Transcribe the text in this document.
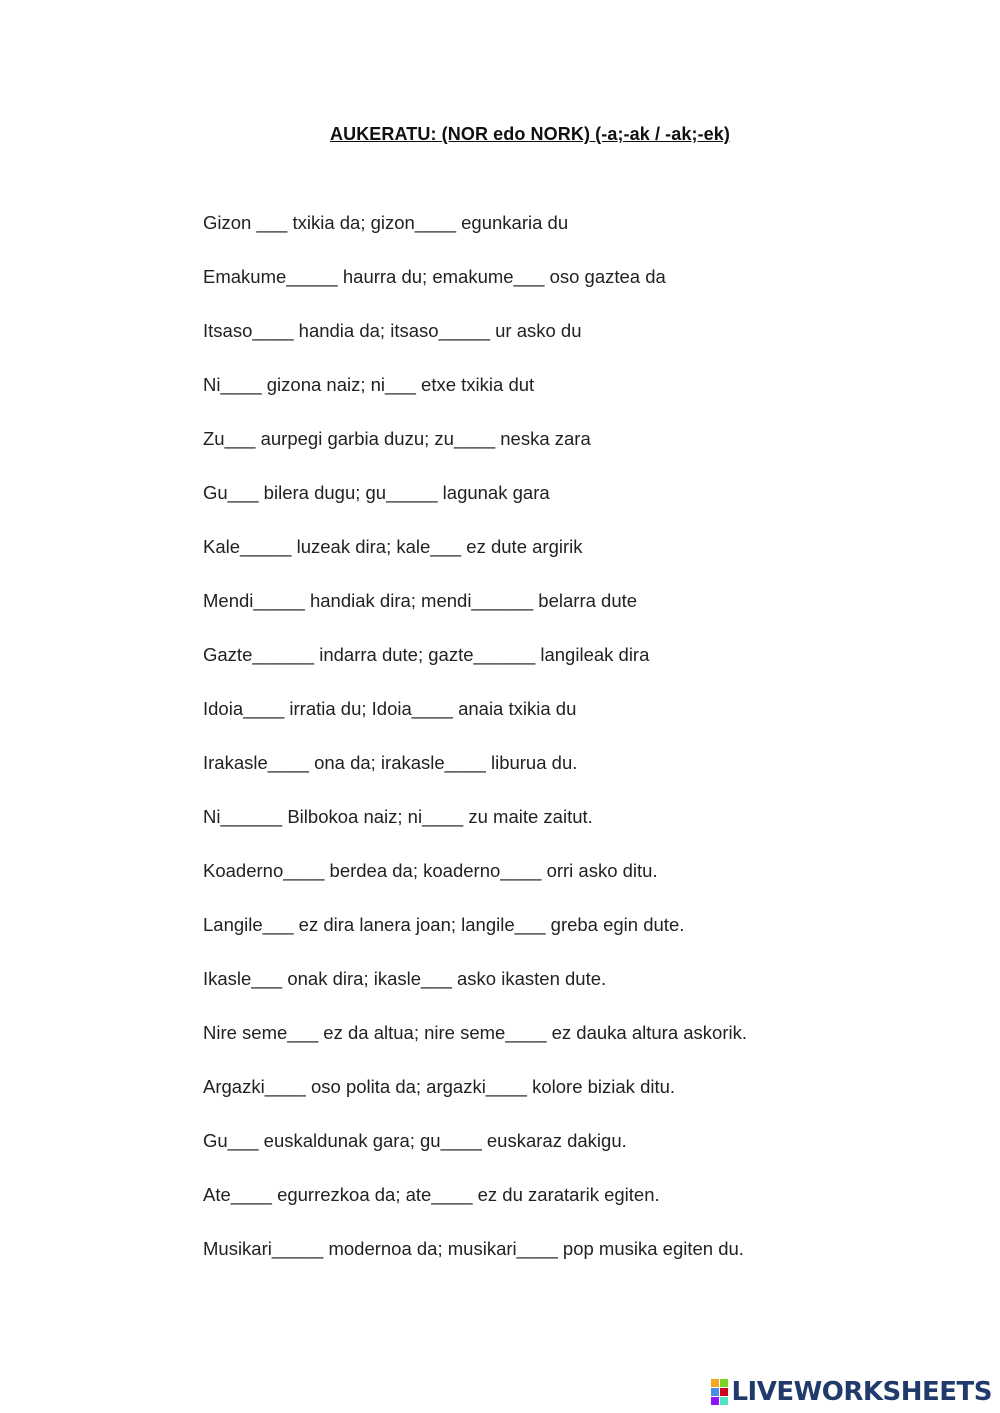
AUKERATU: (NOR edo NORK) (-a;-ak / -ak;-ek)
Gizon ___ txikia da; gizon____ egunkaria du
Emakume_____ haurra du; emakume___ oso gaztea da
Itsaso____ handia da; itsaso_____ ur asko du
Ni____ gizona naiz; ni___ etxe txikia dut
Zu___ aurpegi garbia duzu; zu____ neska zara
Gu___ bilera dugu; gu_____ lagunak gara
Kale_____ luzeak dira; kale___ ez dute argirik
Mendi_____ handiak dira; mendi______ belarra dute
Gazte______ indarra dute; gazte______ langileak dira
Idoia____ irratia du; Idoia____ anaia txikia du
Irakasle____ ona da; irakasle____ liburua du.
Ni______ Bilbokoa naiz; ni____ zu maite zaitut.
Koaderno____ berdea da; koaderno____ orri asko ditu.
Langile___ ez dira lanera joan; langile___ greba egin dute.
Ikasle___ onak dira; ikasle___ asko ikasten dute.
Nire seme___ ez da altua; nire seme____ ez dauka altura askorik.
Argazki____ oso polita da; argazki____ kolore biziak ditu.
Gu___ euskaldunak gara; gu____ euskaraz dakigu.
Ate____ egurrezkoa da; ate____ ez du zaratarik egiten.
Musikari_____ modernoa da; musikari____ pop musika egiten du.
LIVEWORKSHEETS
